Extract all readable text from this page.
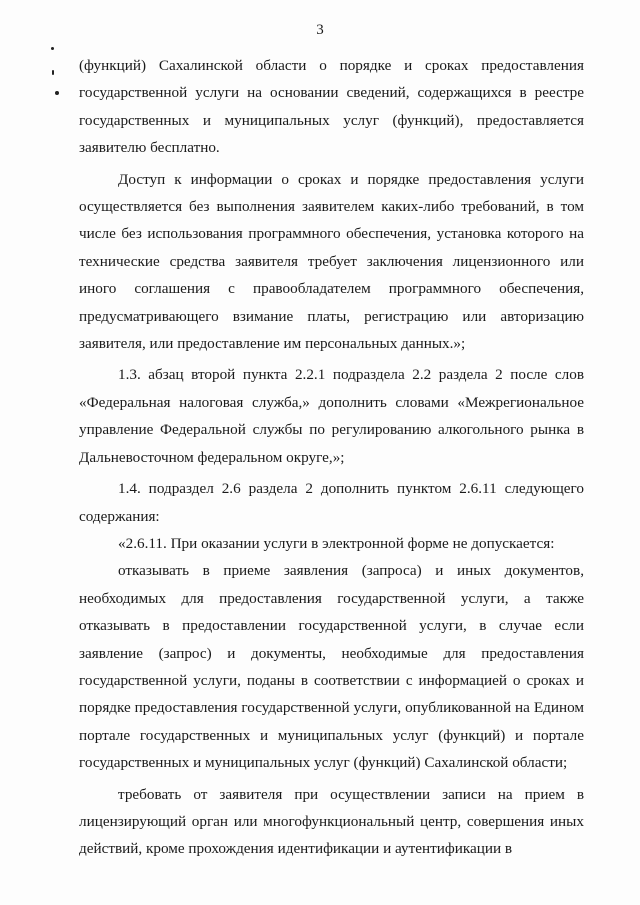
3

(функций) Сахалинской области о порядке и сроках предоставления государственной услуги на основании сведений, содержащихся в реестре государственных и муниципальных услуг (функций), предоставляется заявителю бесплатно.

Доступ к информации о сроках и порядке предоставления услуги осуществляется без выполнения заявителем каких-либо требований, в том числе без использования программного обеспечения, установка которого на технические средства заявителя требует заключения лицензионного или иного соглашения с правообладателем программного обеспечения, предусматривающего взимание платы, регистрацию или авторизацию заявителя, или предоставление им персональных данных.»;

1.3. абзац второй пункта 2.2.1 подраздела 2.2 раздела 2 после слов «Федеральная налоговая служба,» дополнить словами «Межрегиональное управление Федеральной службы по регулированию алкогольного рынка в Дальневосточном федеральном округе,»;

1.4. подраздел 2.6 раздела 2 дополнить пунктом 2.6.11 следующего содержания:

«2.6.11. При оказании услуги в электронной форме не допускается:

отказывать в приеме заявления (запроса) и иных документов, необходимых для предоставления государственной услуги, а также отказывать в предоставлении государственной услуги, в случае если заявление (запрос) и документы, необходимые для предоставления государственной услуги, поданы в соответствии с информацией о сроках и порядке предоставления государственной услуги, опубликованной на Едином портале государственных и муниципальных услуг (функций) и портале государственных и муниципальных услуг (функций) Сахалинской области;

требовать от заявителя при осуществлении записи на прием в лицензирующий орган или многофункциональный центр, совершения иных действий, кроме прохождения идентификации и аутентификации в
